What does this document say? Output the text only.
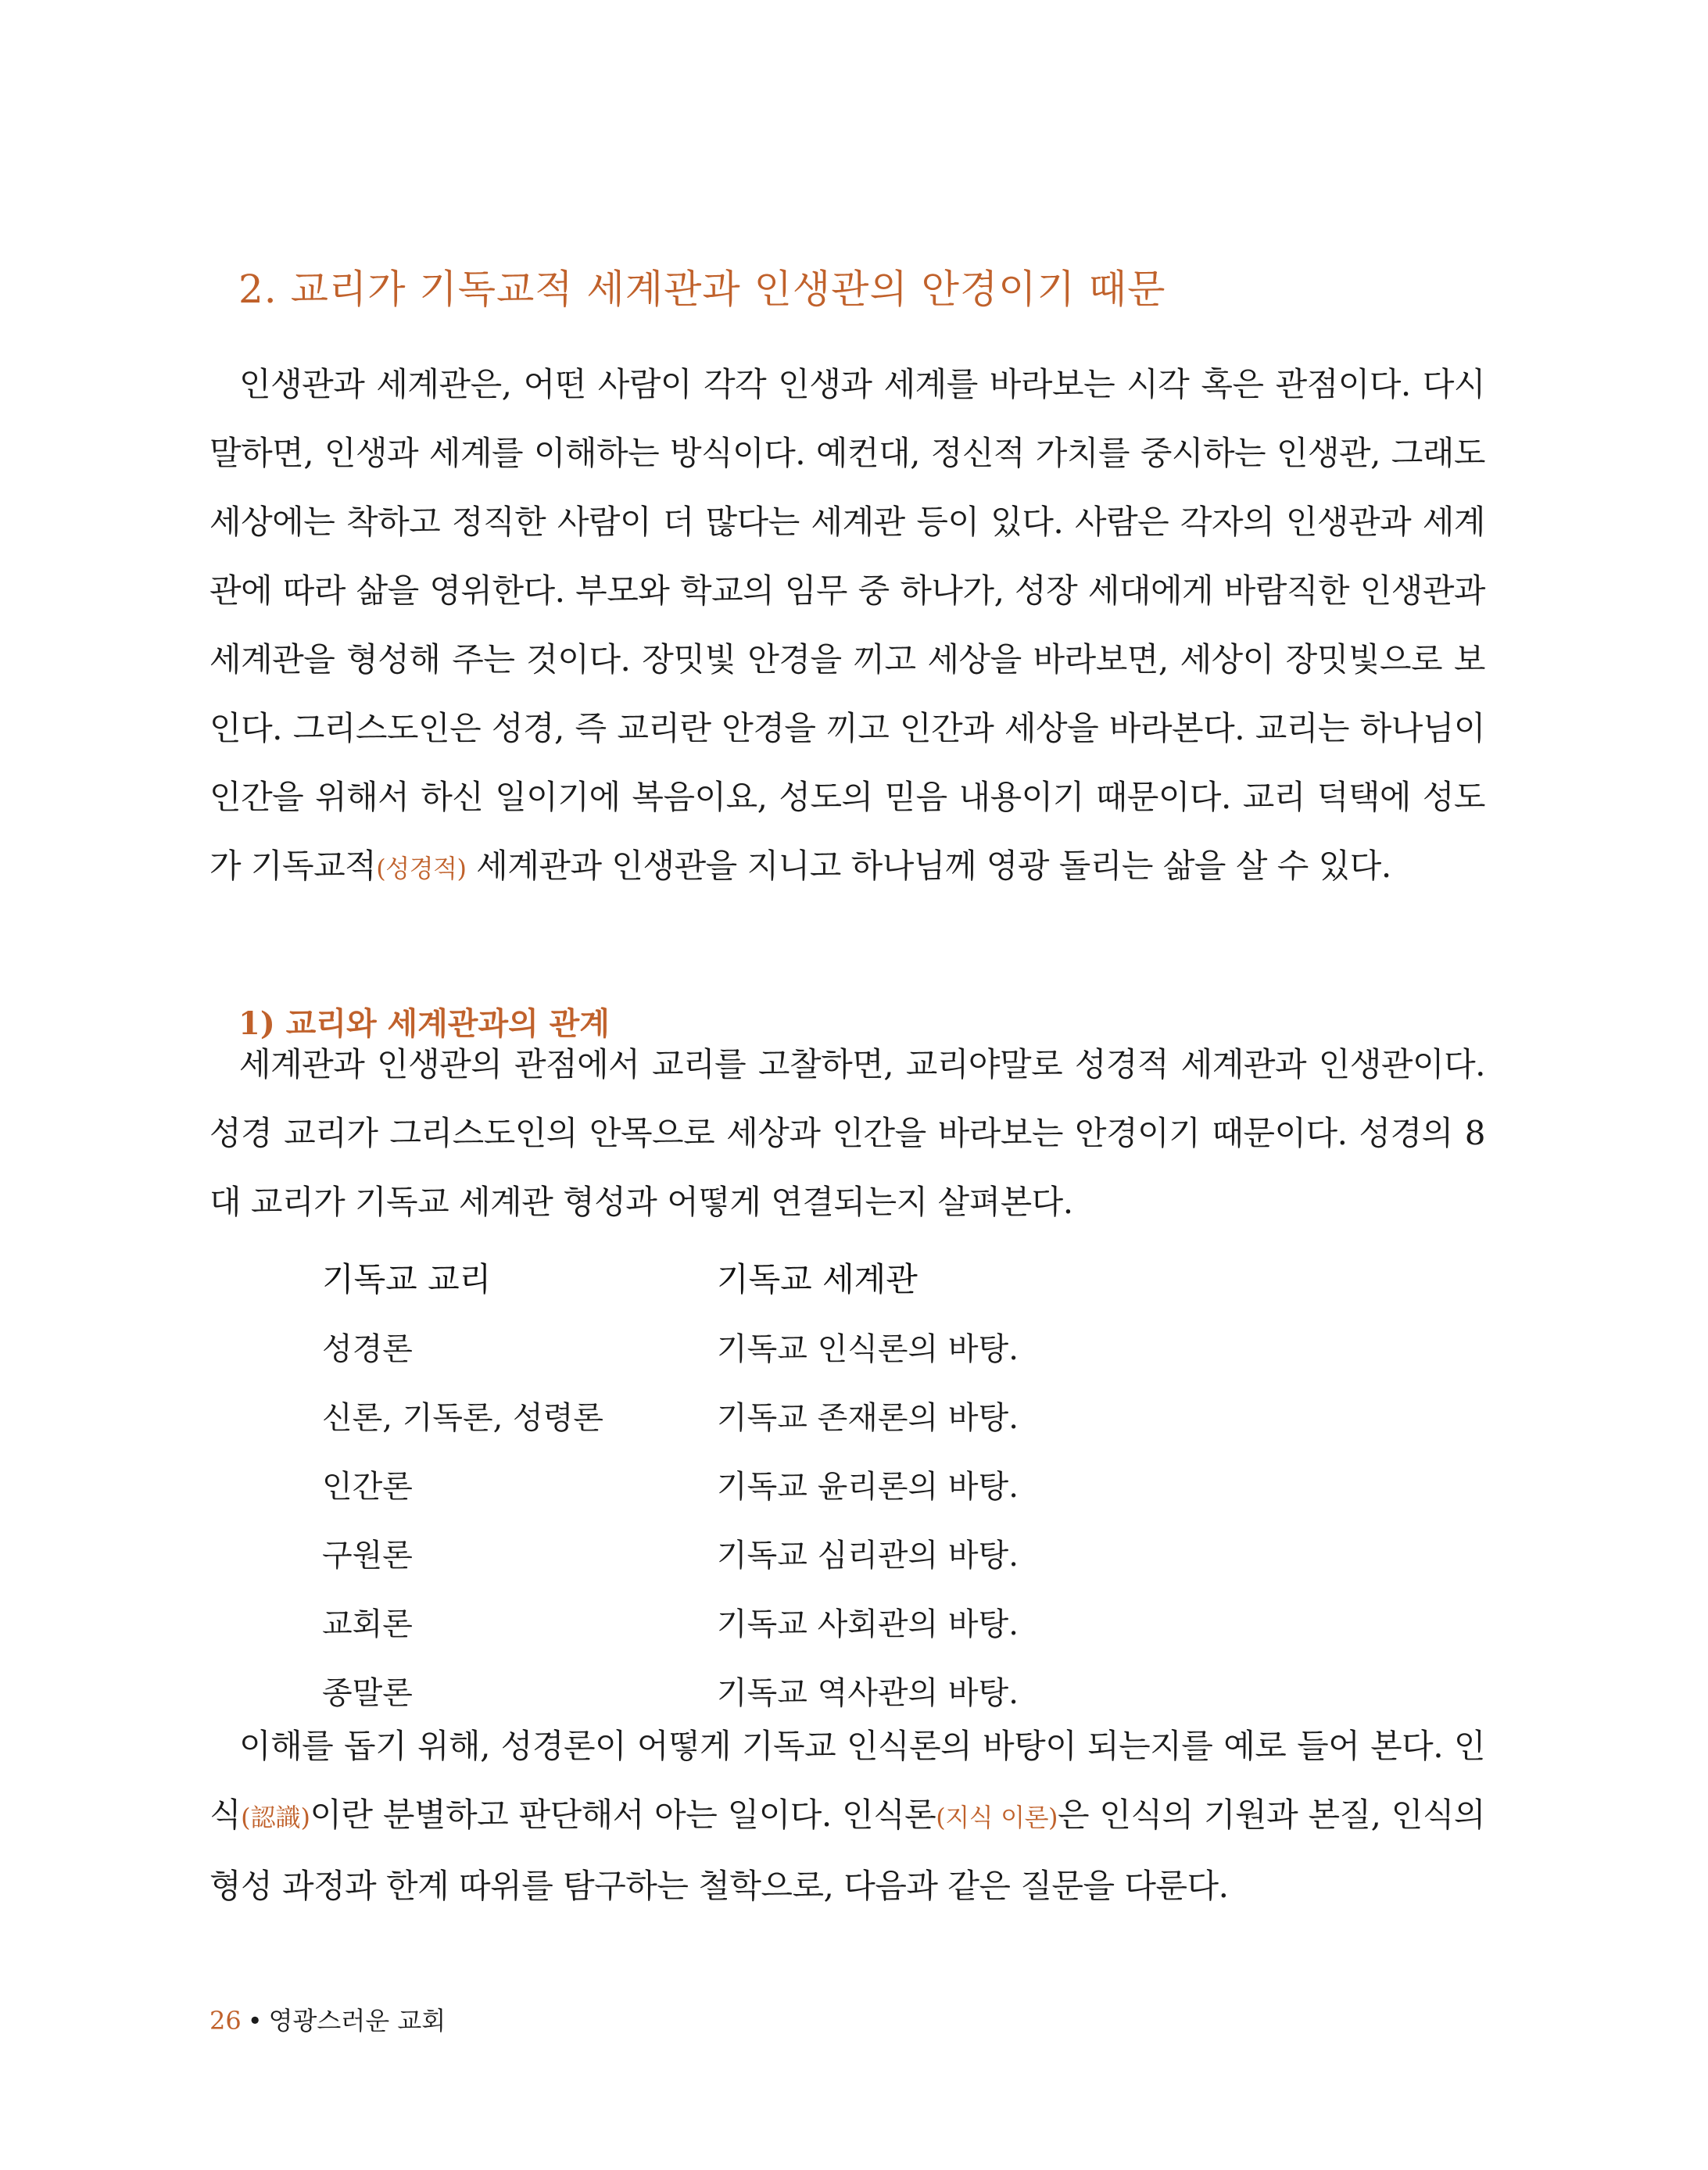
2. 교리가 기독교적 세계관과 인생관의 안경이기 때문

인생관과 세계관은, 어떤 사람이 각각 인생과 세계를 바라보는 시각 혹은 관점이다. 다시 말하면, 인생과 세계를 이해하는 방식이다. 예컨대, 정신적 가치를 중시하는 인생관, 그래도 세상에는 착하고 정직한 사람이 더 많다는 세계관 등이 있다. 사람은 각자의 인생관과 세계관에 따라 삶을 영위한다. 부모와 학교의 임무 중 하나가, 성장 세대에게 바람직한 인생관과 세계관을 형성해 주는 것이다. 장밋빛 안경을 끼고 세상을 바라보면, 세상이 장밋빛으로 보인다. 그리스도인은 성경, 즉 교리란 안경을 끼고 인간과 세상을 바라본다. 교리는 하나님이 인간을 위해서 하신 일이기에 복음이요, 성도의 믿음 내용이기 때문이다. 교리 덕택에 성도가 기독교적(성경적) 세계관과 인생관을 지니고 하나님께 영광 돌리는 삶을 살 수 있다.

1) 교리와 세계관과의 관계

세계관과 인생관의 관점에서 교리를 고찰하면, 교리야말로 성경적 세계관과 인생관이다. 성경 교리가 그리스도인의 안목으로 세상과 인간을 바라보는 안경이기 때문이다. 성경의 8대 교리가 기독교 세계관 형성과 어떻게 연결되는지 살펴본다.

기독교 교리	기독교 세계관
성경론	기독교 인식론의 바탕.
신론, 기독론, 성령론	기독교 존재론의 바탕.
인간론	기독교 윤리론의 바탕.
구원론	기독교 심리관의 바탕.
교회론	기독교 사회관의 바탕.
종말론	기독교 역사관의 바탕.

이해를 돕기 위해, 성경론이 어떻게 기독교 인식론의 바탕이 되는지를 예로 들어 본다. 인식(認識)이란 분별하고 판단해서 아는 일이다. 인식론(지식 이론)은 인식의 기원과 본질, 인식의 형성 과정과 한계 따위를 탐구하는 철학으로, 다음과 같은 질문을 다룬다.

26 • 영광스러운 교회
